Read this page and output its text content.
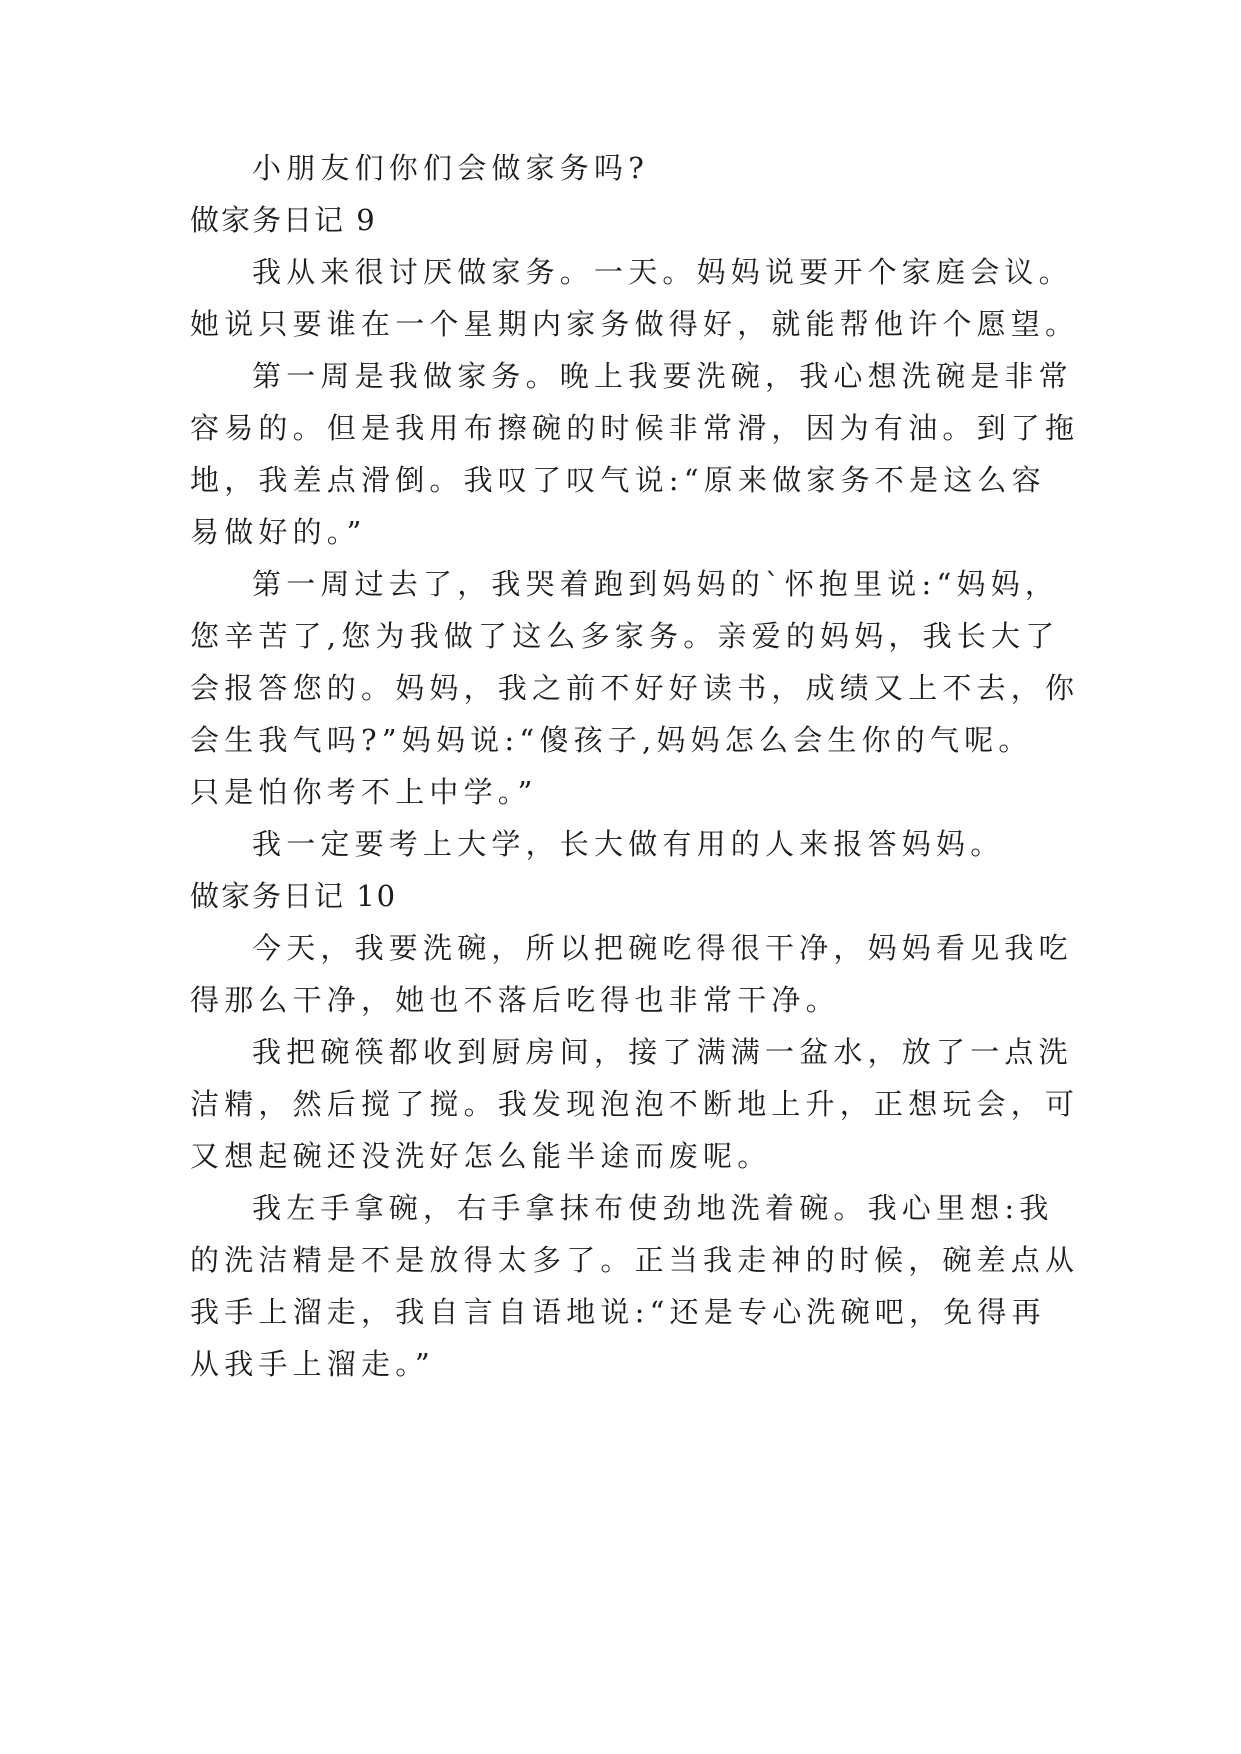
小朋友们你们会做家务吗?

做家务日记 9

我从来很讨厌做家务。一天。妈妈说要开个家庭会议。

她说只要谁在一个星期内家务做得好，就能帮他许个愿望。

第一周是我做家务。晚上我要洗碗，我心想洗碗是非常

容易的。但是我用布擦碗的时候非常滑，因为有油。到了拖

地，我差点滑倒。我叹了叹气说:“原来做家务不是这么容

易做好的。”

第一周过去了，我哭着跑到妈妈的`怀抱里说:“妈妈，

您辛苦了,您为我做了这么多家务。亲爱的妈妈，我长大了

会报答您的。妈妈，我之前不好好读书，成绩又上不去，你

会生我气吗?”妈妈说:“傻孩子,妈妈怎么会生你的气呢。

只是怕你考不上中学。”

我一定要考上大学，长大做有用的人来报答妈妈。

做家务日记 10

今天，我要洗碗，所以把碗吃得很干净，妈妈看见我吃

得那么干净，她也不落后吃得也非常干净。

我把碗筷都收到厨房间，接了满满一盆水，放了一点洗

洁精，然后搅了搅。我发现泡泡不断地上升，正想玩会，可

又想起碗还没洗好怎么能半途而废呢。

我左手拿碗，右手拿抹布使劲地洗着碗。我心里想:我

的洗洁精是不是放得太多了。正当我走神的时候，碗差点从

我手上溜走，我自言自语地说:“还是专心洗碗吧，免得再

从我手上溜走。”
